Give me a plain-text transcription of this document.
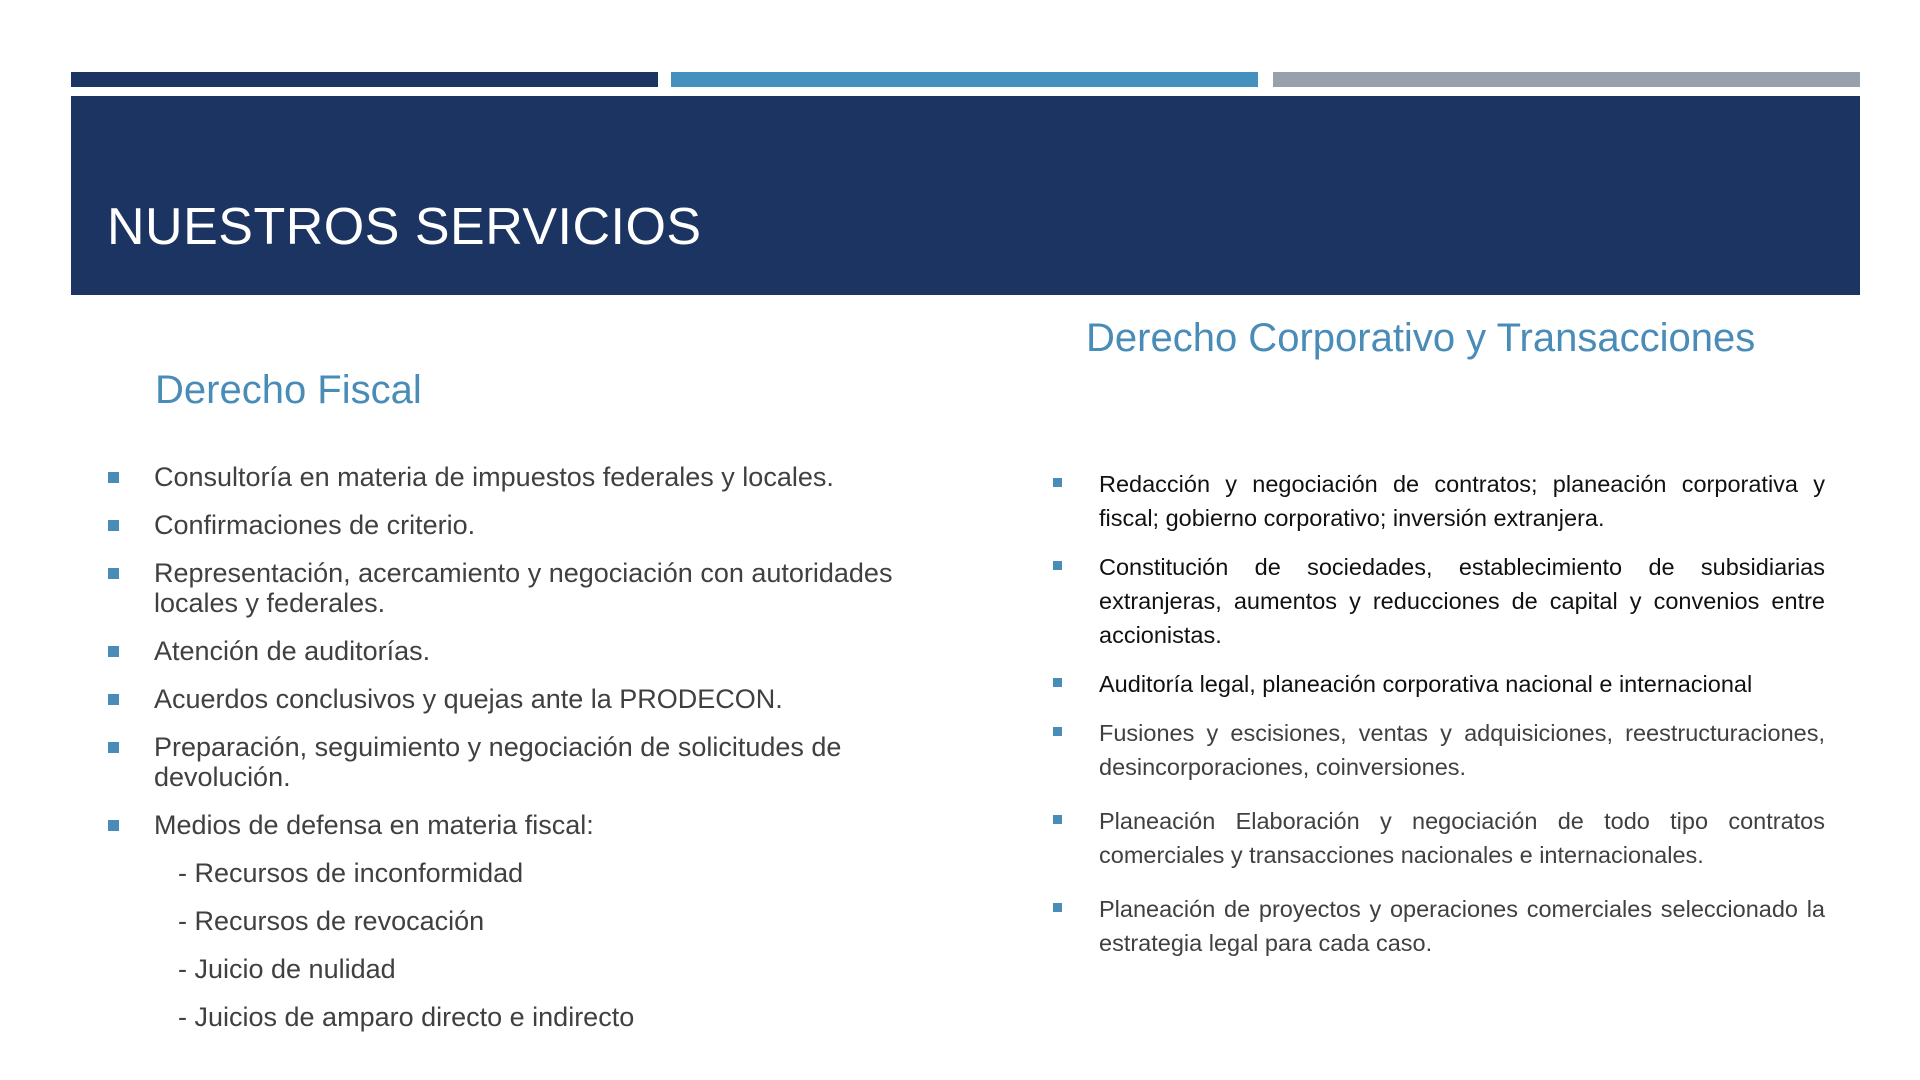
NUESTROS SERVICIOS
Derecho Fiscal
Consultoría en materia de impuestos federales y locales.
Confirmaciones de criterio.
Representación, acercamiento y negociación con autoridades locales y federales.
Atención de auditorías.
Acuerdos conclusivos y quejas ante la PRODECON.
Preparación, seguimiento y negociación de solicitudes de devolución.
Medios de defensa en materia fiscal:
- Recursos de inconformidad
- Recursos de revocación
- Juicio de nulidad
- Juicios de amparo directo e indirecto
Derecho Corporativo y Transacciones
Redacción y negociación de contratos; planeación corporativa y fiscal; gobierno corporativo; inversión extranjera.
Constitución de sociedades, establecimiento de subsidiarias extranjeras, aumentos y reducciones de capital y convenios entre accionistas.
Auditoría legal, planeación corporativa nacional e internacional
Fusiones y escisiones, ventas y adquisiciones, reestructuraciones, desincorporaciones, coinversiones.
Planeación Elaboración y negociación de todo tipo contratos comerciales y transacciones nacionales e internacionales.
Planeación de proyectos y operaciones comerciales seleccionado la estrategia legal para cada caso.
